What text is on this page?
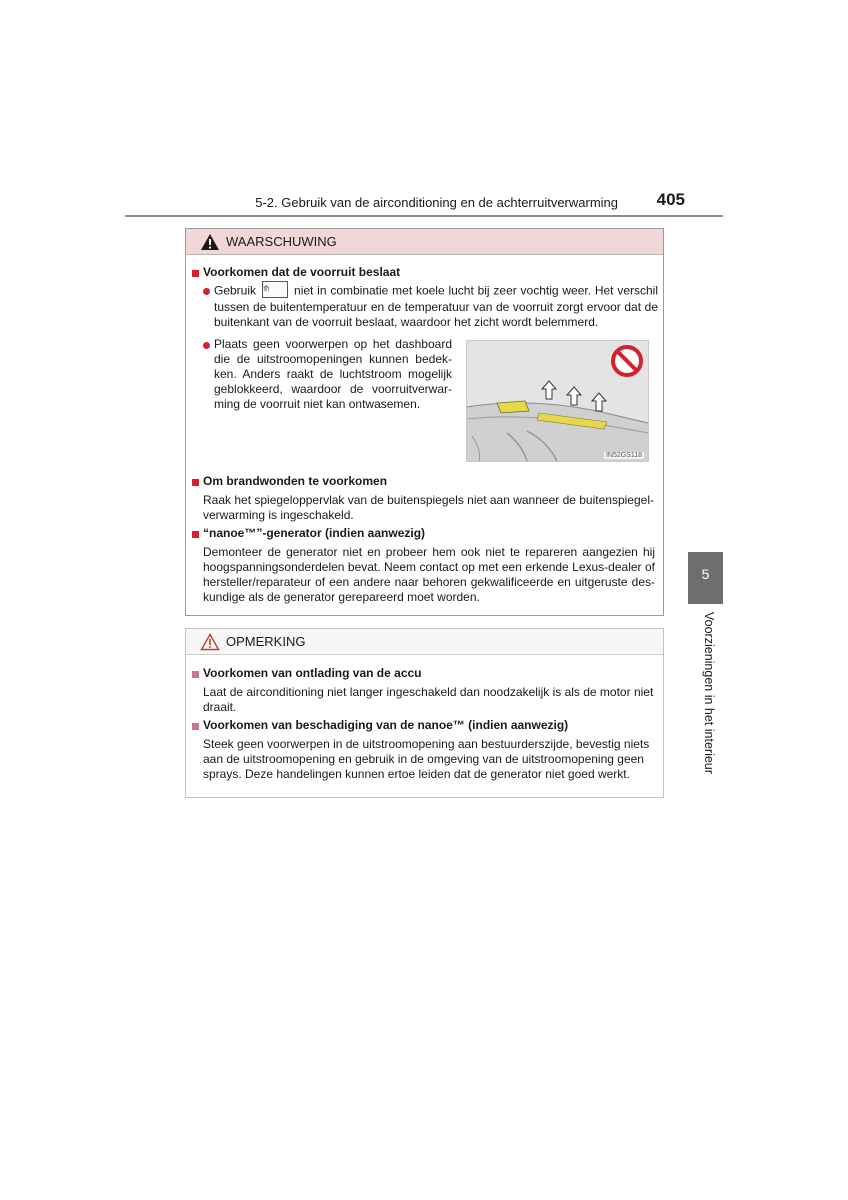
5-2. Gebruik van de airconditioning en de achterruitverwarming	405
5
Voorzieningen in het interieur
WAARSCHUWING
Voorkomen dat de voorruit beslaat
Gebruik ⟰ niet in combinatie met koele lucht bij zeer vochtig weer. Het verschil
tussen de buitentemperatuur en de temperatuur van de voorruit zorgt ervoor dat de
buitenkant van de voorruit beslaat, waardoor het zicht wordt belemmerd.
Plaats geen voorwerpen op het dashboard
die de uitstroomopeningen kunnen bedek-
ken. Anders raakt de luchtstroom mogelijk
geblokkeerd, waardoor de voorruitverwar-
ming de voorruit niet kan ontwasemen.
IN52GS118
Om brandwonden te voorkomen
Raak het spiegeloppervlak van de buitenspiegels niet aan wanneer de buitenspiegel-
verwarming is ingeschakeld.
“nanoe™”-generator (indien aanwezig)
Demonteer de generator niet en probeer hem ook niet te repareren aangezien hij
hoogspanningsonderdelen bevat. Neem contact op met een erkende Lexus-dealer of
hersteller/reparateur of een andere naar behoren gekwalificeerde en uitgeruste des-
kundige als de generator gerepareerd moet worden.
OPMERKING
Voorkomen van ontlading van de accu
Laat de airconditioning niet langer ingeschakeld dan noodzakelijk is als de motor niet
draait.
Voorkomen van beschadiging van de nanoe™ (indien aanwezig)
Steek geen voorwerpen in de uitstroomopening aan bestuurderszijde, bevestig niets
aan de uitstroomopening en gebruik in de omgeving van de uitstroomopening geen
sprays. Deze handelingen kunnen ertoe leiden dat de generator niet goed werkt.
